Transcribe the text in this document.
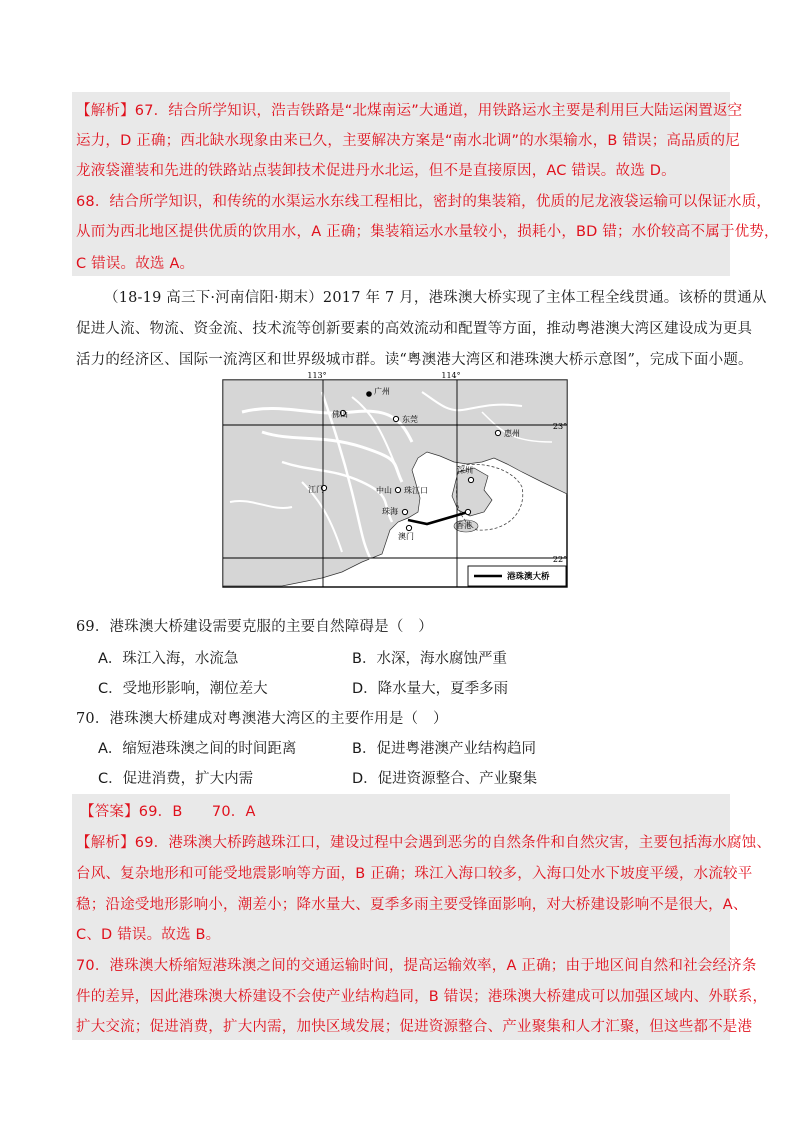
【解析】67．结合所学知识，浩吉铁路是“北煤南运”大通道，用铁路运水主要是利用巨大陆运闲置返空
运力，D 正确；西北缺水现象由来已久，主要解决方案是“南水北调”的水渠输水，B 错误；高品质的尼
龙液袋灌装和先进的铁路站点装卸技术促进丹水北运，但不是直接原因，AC 错误。故选 D。
68．结合所学知识，和传统的水渠运水东线工程相比，密封的集装箱，优质的尼龙液袋运输可以保证水质，
从而为西北地区提供优质的饮用水，A 正确；集装箱运水水量较小，损耗小，BD 错；水价较高不属于优势，
C 错误。故选 A。
（18-19 高三下·河南信阳·期末）2017 年 7 月，港珠澳大桥实现了主体工程全线贯通。该桥的贯通从
促进人流、物流、资金流、技术流等创新要素的高效流动和配置等方面，推动粤港澳大湾区建设成为更具
活力的经济区、国际一流湾区和世界级城市群。读“粤澳港大湾区和港珠澳大桥示意图”，完成下面小题。
113°	114°
23°
22°
佛山
广州
东莞
惠州
深圳
江门	中山 珠江口
珠海
澳门
香港
港珠澳大桥
69．港珠澳大桥建设需要克服的主要自然障碍是（　）
A．珠江入海，水流急	B．水深，海水腐蚀严重
C．受地形影响，潮位差大	D．降水量大，夏季多雨
70．港珠澳大桥建成对粤澳港大湾区的主要作用是（　）
A．缩短港珠澳之间的时间距离	B．促进粤港澳产业结构趋同
C．促进消费，扩大内需	D．促进资源整合、产业聚集
【答案】69．B　　70．A
【解析】69．港珠澳大桥跨越珠江口，建设过程中会遇到恶劣的自然条件和自然灾害，主要包括海水腐蚀、
台风、复杂地形和可能受地震影响等方面，B 正确；珠江入海口较多，入海口处水下坡度平缓，水流较平
稳；沿途受地形影响小，潮差小；降水量大、夏季多雨主要受锋面影响，对大桥建设影响不是很大，A、
C、D 错误。故选 B。
70．港珠澳大桥缩短港珠澳之间的交通运输时间，提高运输效率，A 正确；由于地区间自然和社会经济条
件的差异，因此港珠澳大桥建设不会使产业结构趋同，B 错误；港珠澳大桥建成可以加强区域内、外联系，
扩大交流；促进消费，扩大内需，加快区域发展；促进资源整合、产业聚集和人才汇聚，但这些都不是港
